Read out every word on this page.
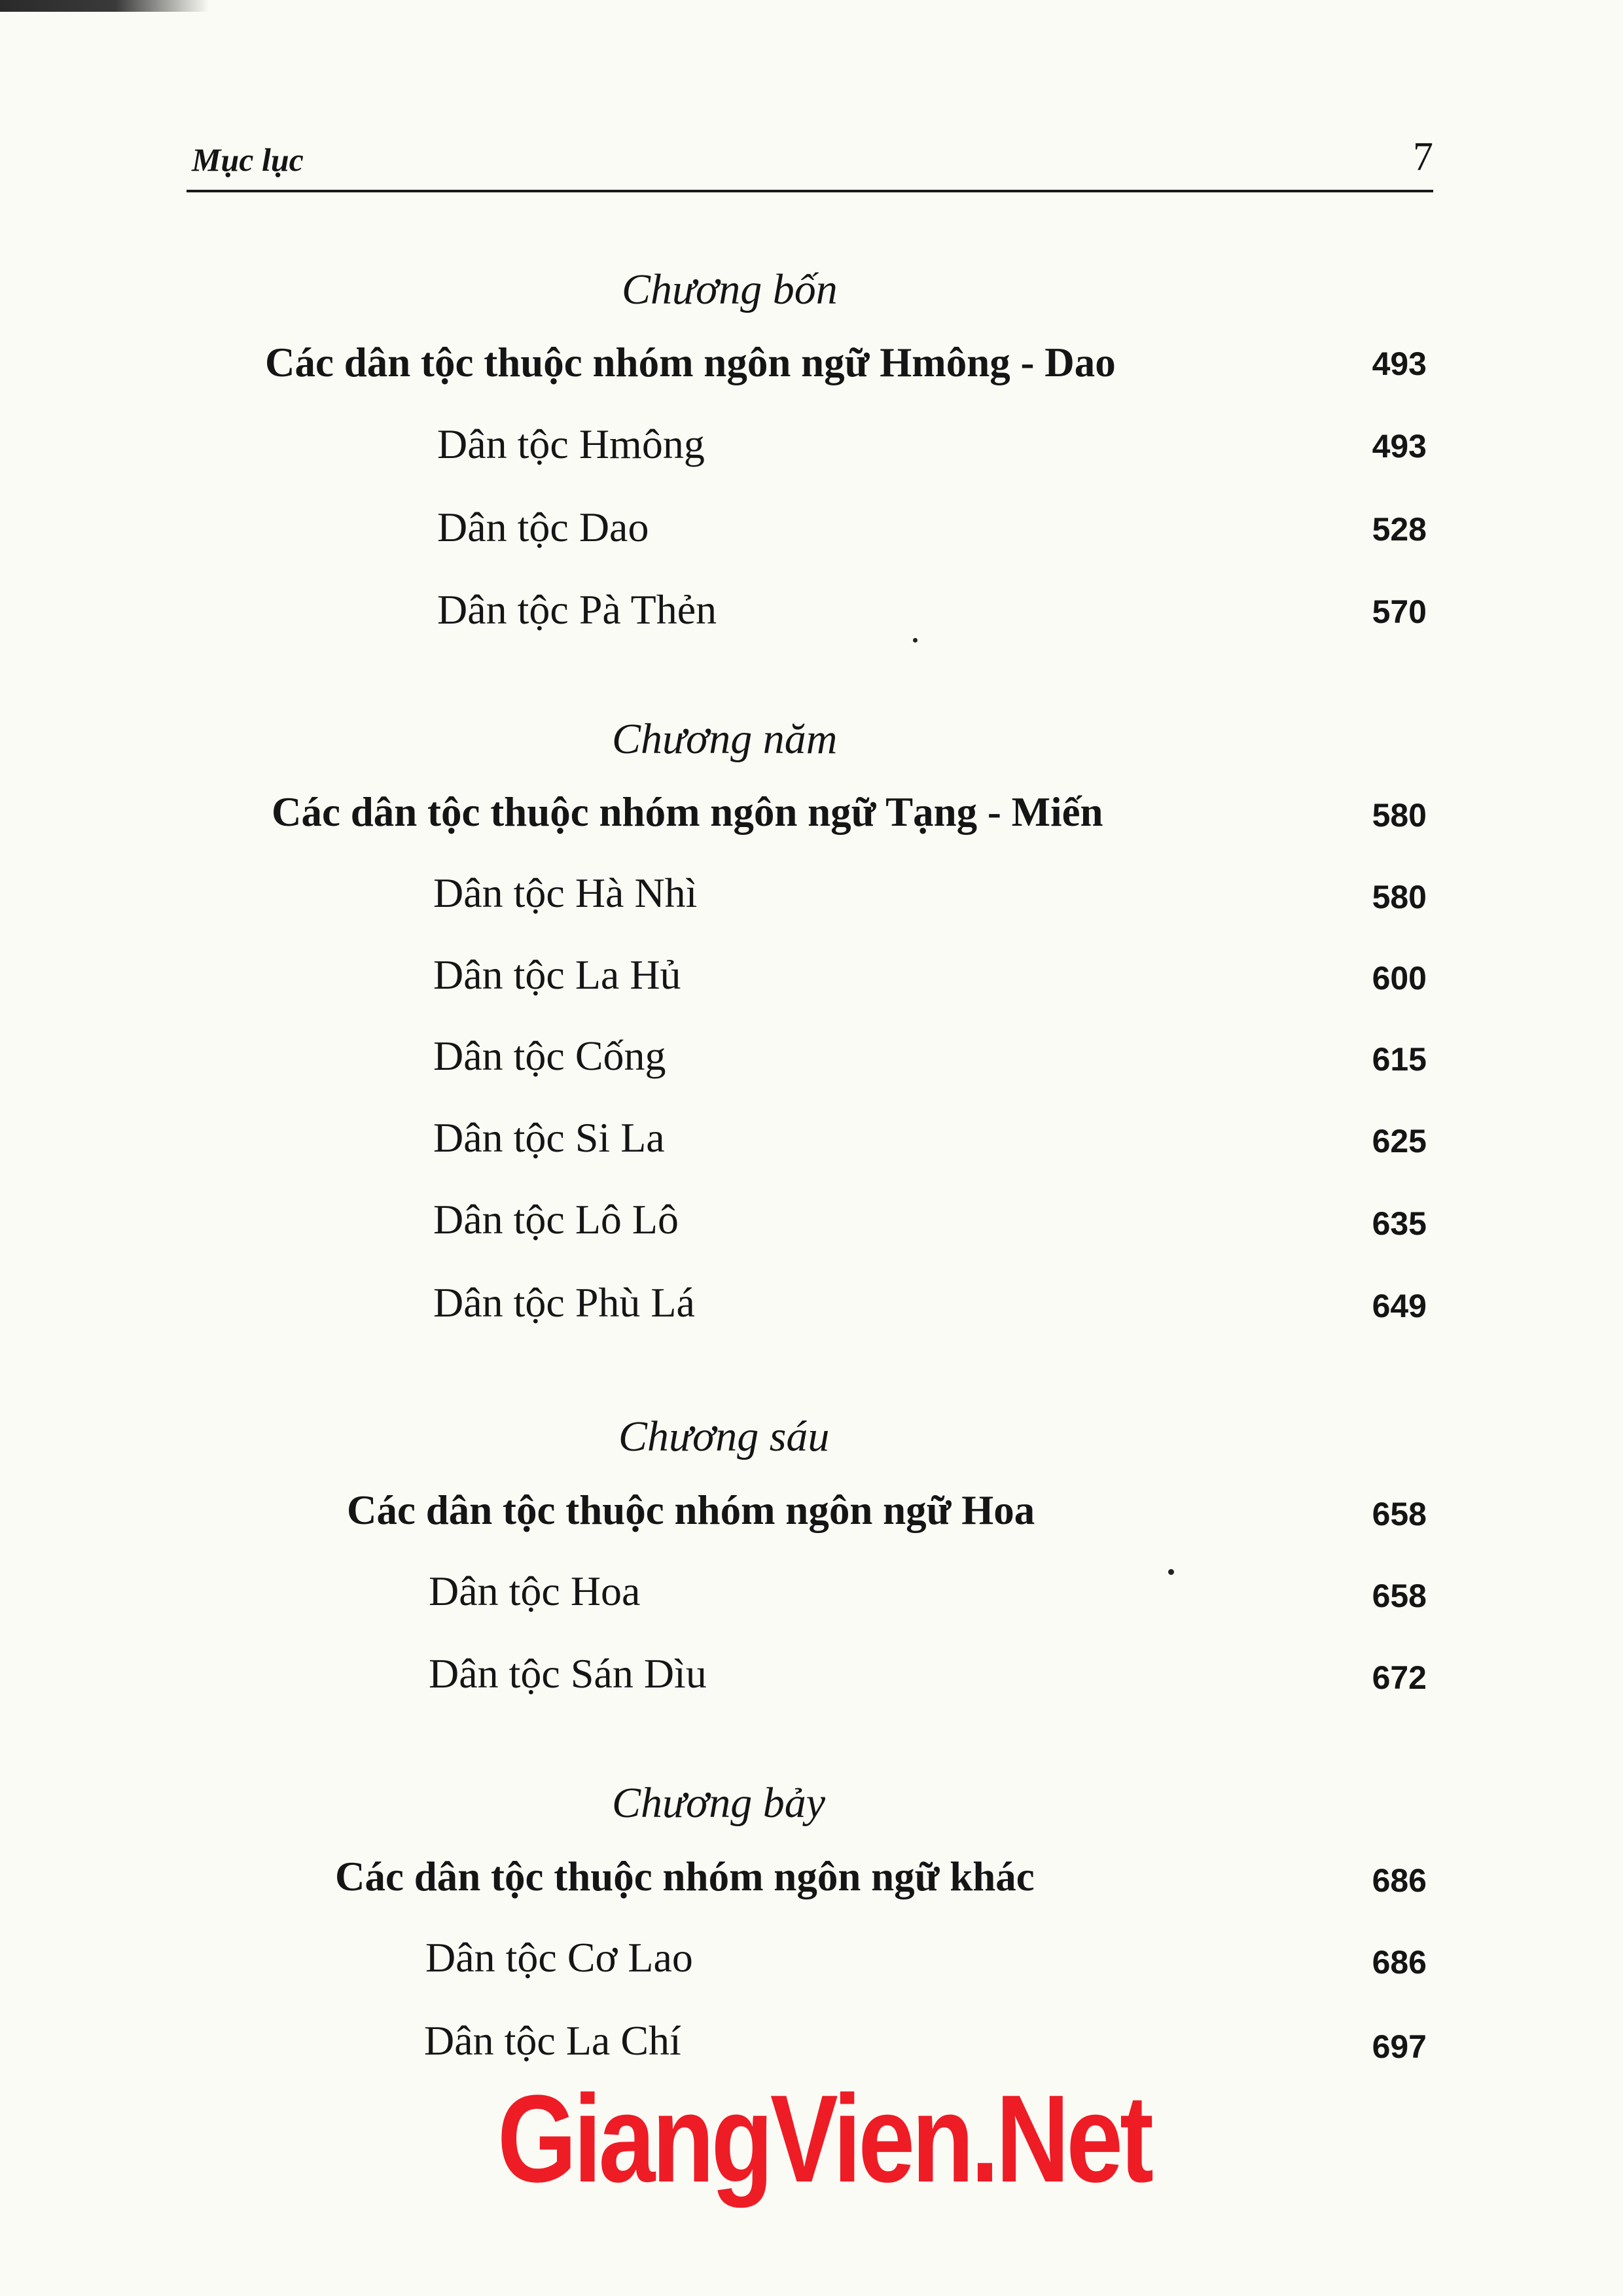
Mục lục	7
Chương bốn
Các dân tộc thuộc nhóm ngôn ngữ Hmông - Dao	493
Dân tộc Hmông	493
Dân tộc Dao	528
Dân tộc Pà Thẻn	570
Chương năm
Các dân tộc thuộc nhóm ngôn ngữ Tạng - Miến	580
Dân tộc Hà Nhì	580
Dân tộc La Hủ	600
Dân tộc Cống	615
Dân tộc Si La	625
Dân tộc Lô Lô	635
Dân tộc Phù Lá	649
Chương sáu
Các dân tộc thuộc nhóm ngôn ngữ Hoa	658
Dân tộc Hoa	658
Dân tộc Sán Dìu	672
Chương bảy
Các dân tộc thuộc nhóm ngôn ngữ khác	686
Dân tộc Cơ Lao	686
Dân tộc La Chí	697
GiangVien.Net
